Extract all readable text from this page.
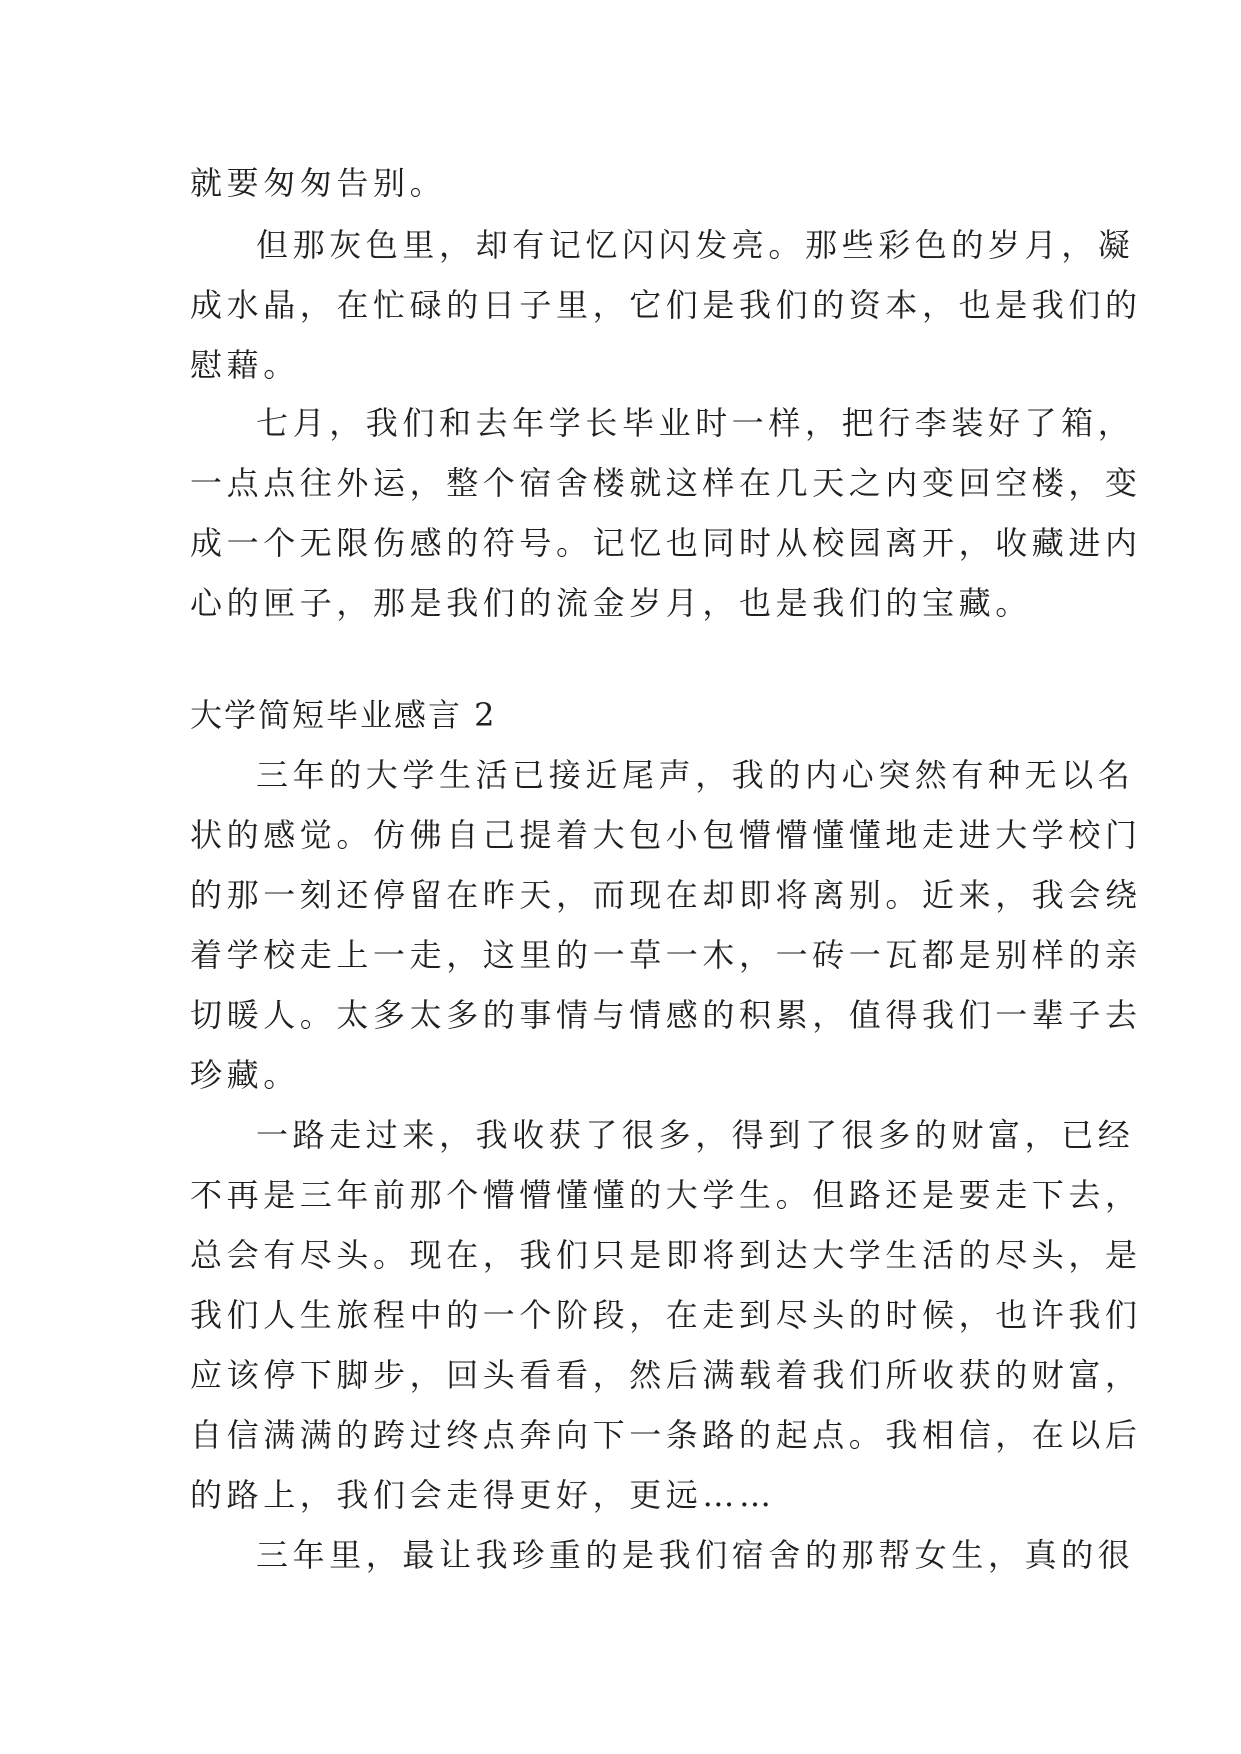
就要匆匆告别。

但那灰色里，却有记忆闪闪发亮。那些彩色的岁月，凝

成水晶，在忙碌的日子里，它们是我们的资本，也是我们的

慰藉。

七月，我们和去年学长毕业时一样，把行李装好了箱，

一点点往外运，整个宿舍楼就这样在几天之内变回空楼，变

成一个无限伤感的符号。记忆也同时从校园离开，收藏进内

心的匣子，那是我们的流金岁月，也是我们的宝藏。

大学简短毕业感言 2

三年的大学生活已接近尾声，我的内心突然有种无以名

状的感觉。仿佛自己提着大包小包懵懵懂懂地走进大学校门

的那一刻还停留在昨天，而现在却即将离别。近来，我会绕

着学校走上一走，这里的一草一木，一砖一瓦都是别样的亲

切暖人。太多太多的事情与情感的积累，值得我们一辈子去

珍藏。

一路走过来，我收获了很多，得到了很多的财富，已经

不再是三年前那个懵懵懂懂的大学生。但路还是要走下去，

总会有尽头。现在，我们只是即将到达大学生活的尽头，是

我们人生旅程中的一个阶段，在走到尽头的时候，也许我们

应该停下脚步，回头看看，然后满载着我们所收获的财富，

自信满满的跨过终点奔向下一条路的起点。我相信，在以后

的路上，我们会走得更好，更远……

三年里，最让我珍重的是我们宿舍的那帮女生，真的很
